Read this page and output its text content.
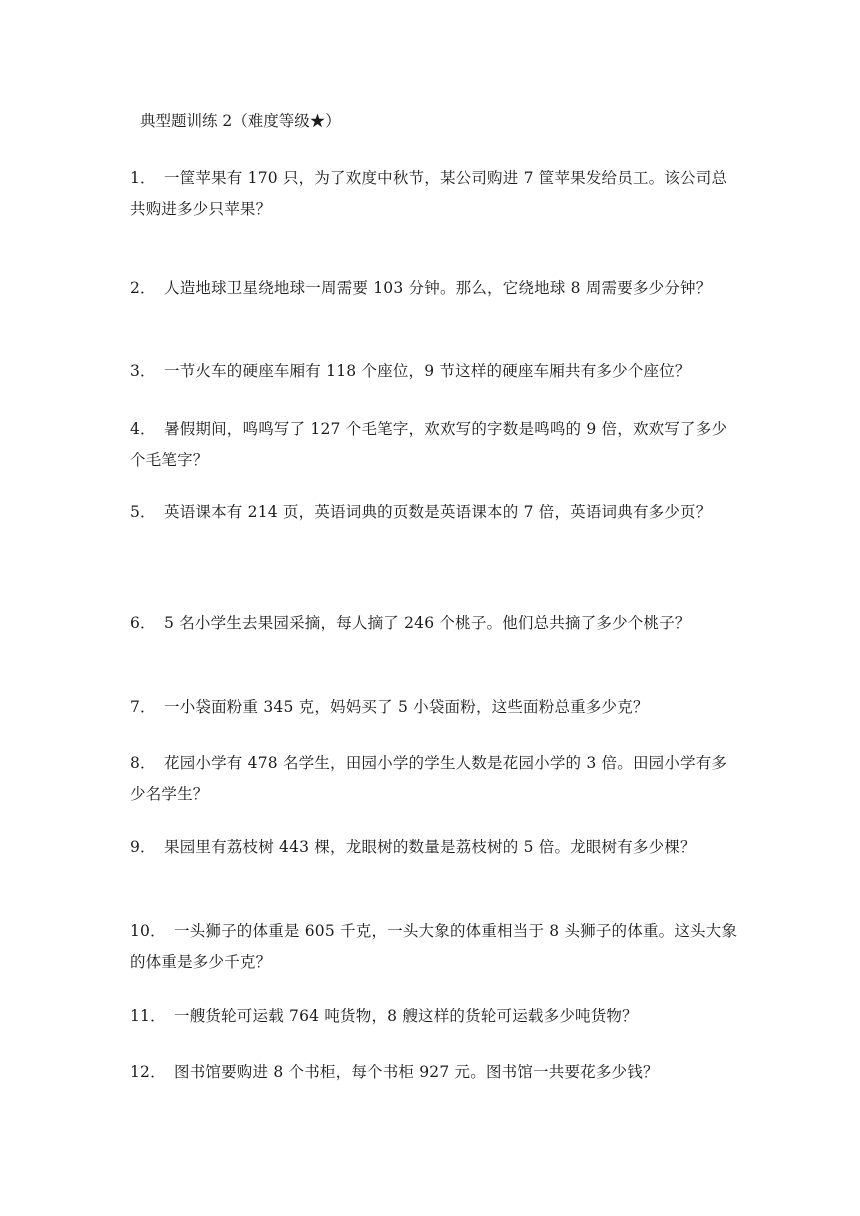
典型题训练 2（难度等级★）
1． 一筐苹果有 170 只，为了欢度中秋节，某公司购进 7 筐苹果发给员工。该公司总共购进多少只苹果？
2． 人造地球卫星绕地球一周需要 103 分钟。那么，它绕地球 8 周需要多少分钟？
3． 一节火车的硬座车厢有 118 个座位，9 节这样的硬座车厢共有多少个座位？
4． 暑假期间，鸣鸣写了 127 个毛笔字，欢欢写的字数是鸣鸣的 9 倍，欢欢写了多少个毛笔字？
5． 英语课本有 214 页，英语词典的页数是英语课本的 7 倍，英语词典有多少页？
6． 5 名小学生去果园采摘，每人摘了 246 个桃子。他们总共摘了多少个桃子？
7． 一小袋面粉重 345 克，妈妈买了 5 小袋面粉，这些面粉总重多少克？
8． 花园小学有 478 名学生，田园小学的学生人数是花园小学的 3 倍。田园小学有多少名学生？
9． 果园里有荔枝树 443 棵，龙眼树的数量是荔枝树的 5 倍。龙眼树有多少棵？
10． 一头狮子的体重是 605 千克，一头大象的体重相当于 8 头狮子的体重。这头大象的体重是多少千克？
11． 一艘货轮可运载 764 吨货物，8 艘这样的货轮可运载多少吨货物？
12． 图书馆要购进 8 个书柜，每个书柜 927 元。图书馆一共要花多少钱？
